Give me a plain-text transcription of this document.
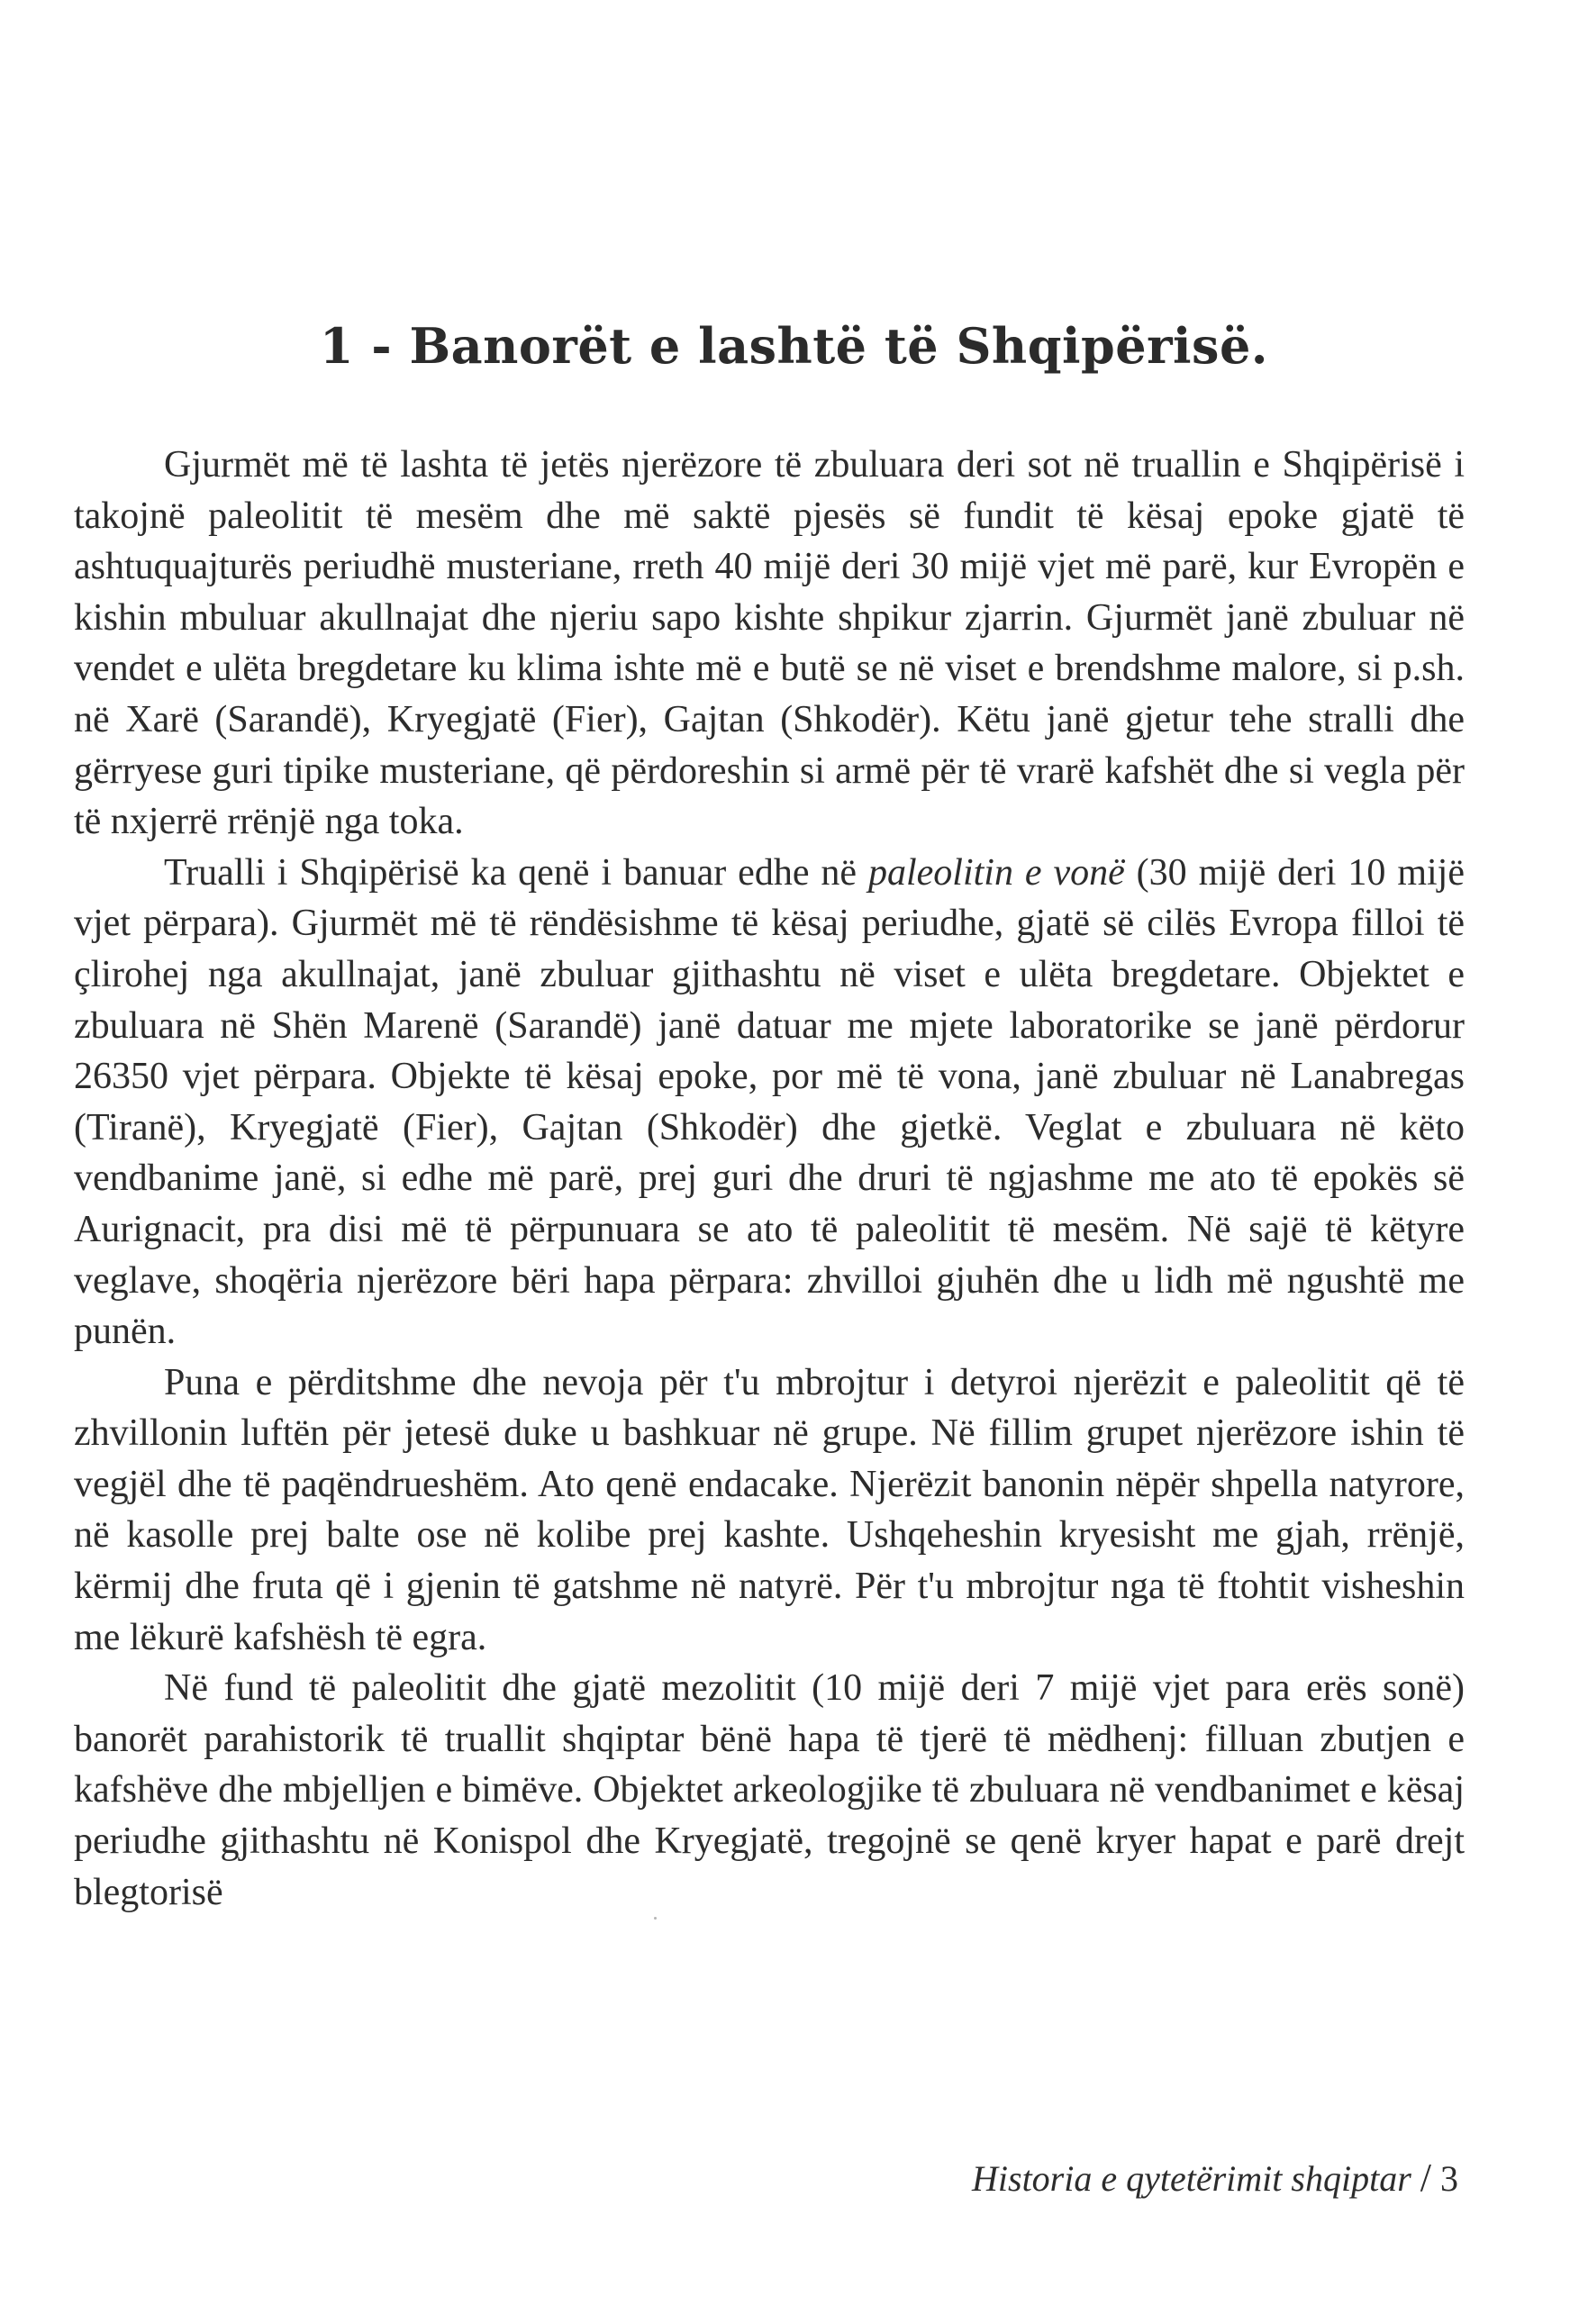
1 - Banorët e lashtë të Shqipërisë.

Gjurmët më të lashta të jetës njerëzore të zbuluara deri sot në truallin e Shqipërisë i takojnë paleolitit të mesëm dhe më saktë pjesës së fundit të kësaj epoke gjatë të ashtuquajturës periudhë musteriane, rreth 40 mijë deri 30 mijë vjet më parë, kur Evropën e kishin mbuluar akullnajat dhe njeriu sapo kishte shpikur zjarrin. Gjurmët janë zbuluar në vendet e ulëta bregdetare ku klima ishte më e butë se në viset e brendshme malore, si p.sh. në Xarë (Sarandë), Kryegjatë (Fier), Gajtan (Shkodër). Këtu janë gjetur tehe stralli dhe gërryese guri tipike musteriane, që përdoreshin si armë për të vrarë kafshët dhe si vegla për të nxjerrë rrënjë nga toka.

Trualli i Shqipërisë ka qenë i banuar edhe në paleolitin e vonë (30 mijë deri 10 mijë vjet përpara). Gjurmët më të rëndësishme të kësaj periudhe, gjatë së cilës Evropa filloi të çlirohej nga akullnajat, janë zbuluar gjithashtu në viset e ulëta bregdetare. Objektet e zbuluara në Shën Marenë (Sarandë) janë datuar me mjete laboratorike se janë përdorur 26350 vjet përpara. Objekte të kësaj epoke, por më të vona, janë zbuluar në Lanabregas (Tiranë), Kryegjatë (Fier), Gajtan (Shkodër) dhe gjetkë. Veglat e zbuluara në këto vendbanime janë, si edhe më parë, prej guri dhe druri të ngjashme me ato të epokës së Aurignacit, pra disi më të përpunuara se ato të paleolitit të mesëm. Në sajë të këtyre veglave, shoqëria njerëzore bëri hapa përpara: zhvilloi gjuhën dhe u lidh më ngushtë me punën.

Puna e përditshme dhe nevoja për t'u mbrojtur i detyroi njerëzit e paleolitit që të zhvillonin luftën për jetesë duke u bashkuar në grupe. Në fillim grupet njerëzore ishin të vegjël dhe të paqëndrueshëm. Ato qenë endacake. Njerëzit banonin nëpër shpella natyrore, në kasolle prej balte ose në kolibe prej kashte. Ushqeheshin kryesisht me gjah, rrënjë, kërmij dhe fruta që i gjenin të gatshme në natyrë. Për t'u mbrojtur nga të ftohtit visheshin me lëkurë kafshësh të egra.

Në fund të paleolitit dhe gjatë mezolitit (10 mijë deri 7 mijë vjet para erës sonë) banorët parahistorik të truallit shqiptar bënë hapa të tjerë të mëdhenj: filluan zbutjen e kafshëve dhe mbjelljen e bimëve. Objektet arkeologjike të zbuluara në vendbanimet e kësaj periudhe gjithashtu në Konispol dhe Kryegjatë, tregojnë se qenë kryer hapat e parë drejt blegtorisë

Historia e qytetërimit shqiptar / 3
